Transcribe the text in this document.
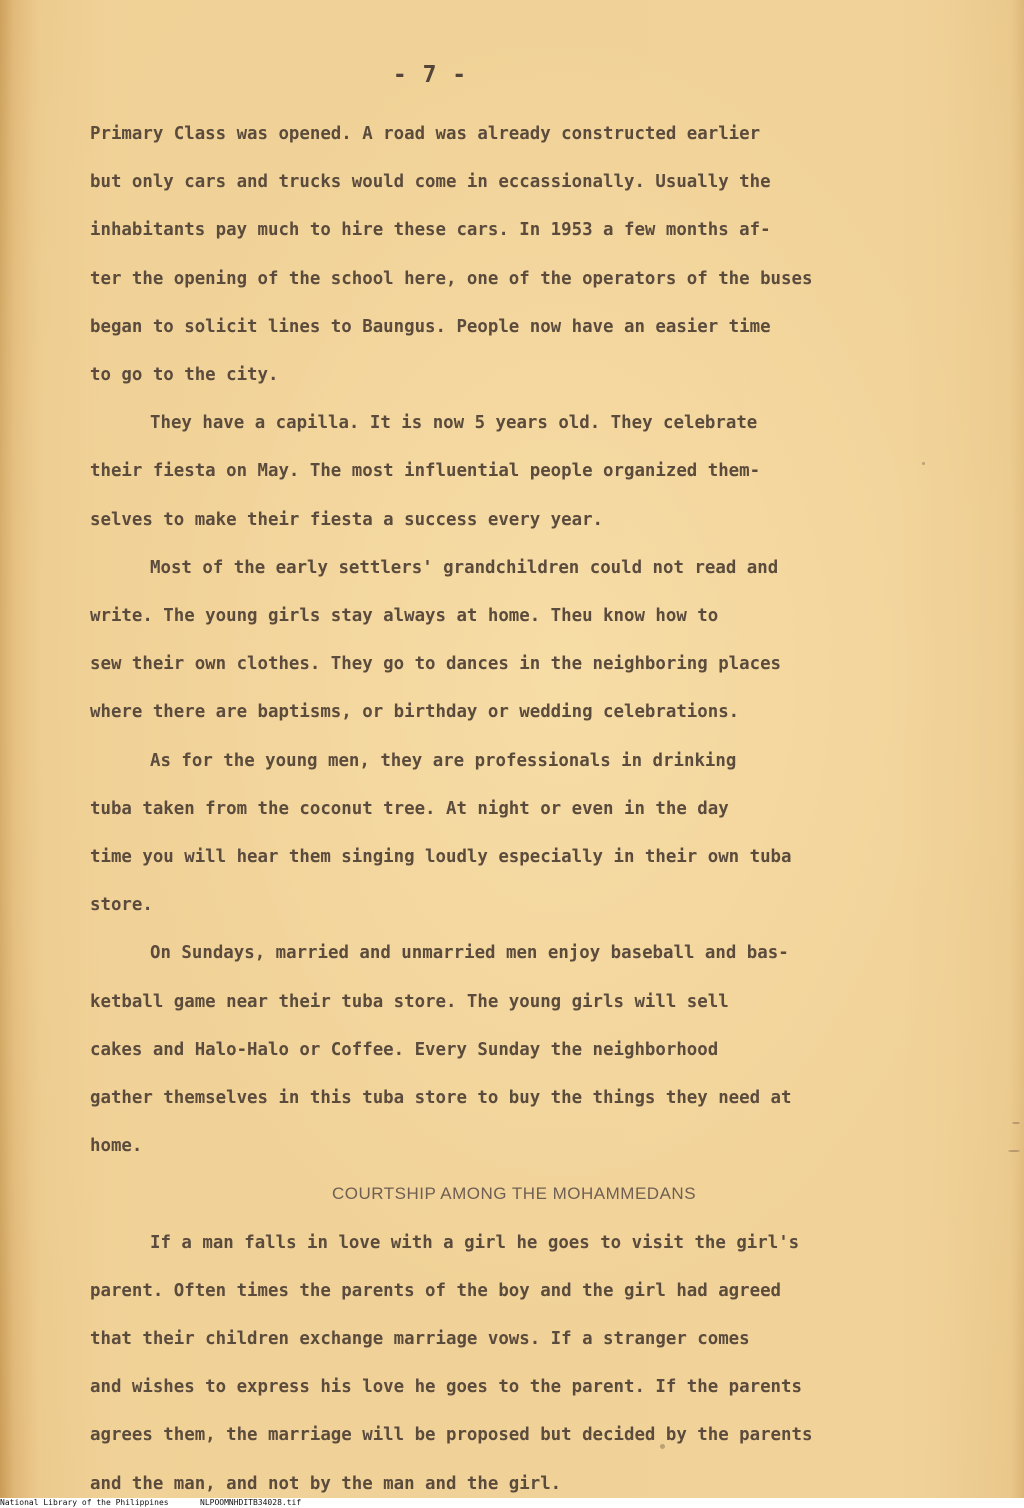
- 7 -

Primary Class was opened. A road was already constructed earlier
but only cars and trucks would come in eccassionally. Usually the
inhabitants pay much to hire these cars. In 1953 a few months af-
ter the opening of the school here, one of the operators of the buses
began to solicit lines to Baungus. People now have an easier time
to go to the city.

They have a capilla. It is now 5 years old. They celebrate
their fiesta on May. The most influential people organized them-
selves to make their fiesta a success every year.

Most of the early settlers' grandchildren could not read and
write. The young girls stay always at home. Theu know how to
sew their own clothes. They go to dances in the neighboring places
where there are baptisms, or birthday or wedding celebrations.

As for the young men, they are professionals in drinking
tuba taken from the coconut tree. At night or even in the day
time you will hear them singing loudly especially in their own tuba
store.

On Sundays, married and unmarried men enjoy baseball and bas-
ketball game near their tuba store. The young girls will sell
cakes and Halo-Halo or Coffee. Every Sunday the neighborhood
gather themselves in this tuba store to buy the things they need at
home.

COURTSHIP AMONG THE MOHAMMEDANS

If a man falls in love with a girl he goes to visit the girl's
parent. Often times the parents of the boy and the girl had agreed
that their children exchange marriage vows. If a stranger comes
and wishes to express his love he goes to the parent. If the parents
agrees them, the marriage will be proposed but decided by the parents
and the man, and not by the man and the girl.

National Library of the Philippines	NLPOOMNHDITB34028.tif
